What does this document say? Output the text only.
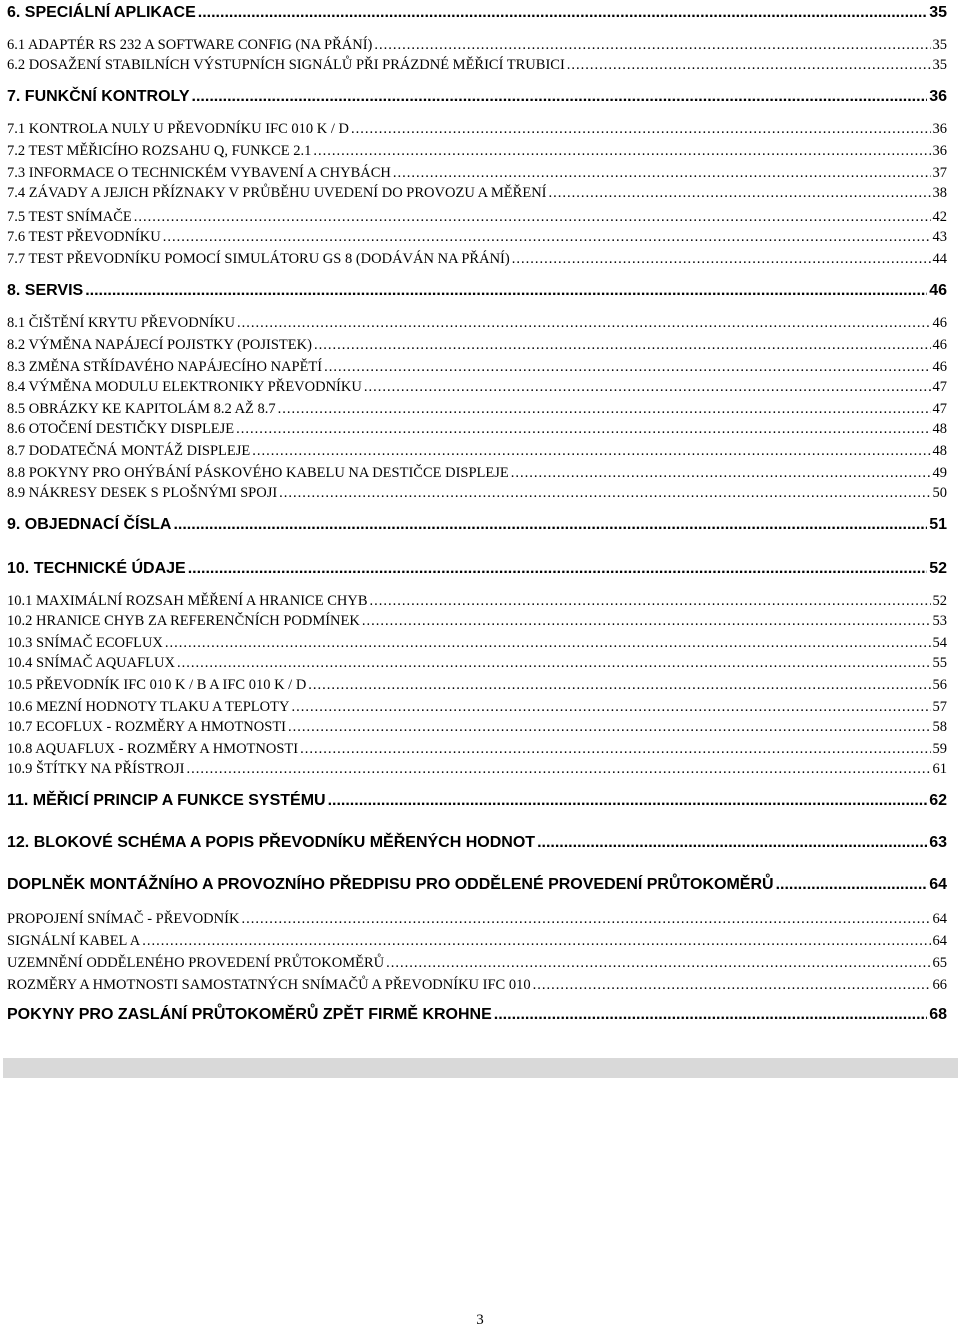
6. SPECIÁLNÍ APLIKACE .....	35
6.1 ADAPTÉR RS 232 A SOFTWARE CONFIG (NA PŘÁNÍ) .....	35
6.2 DOSAŽENÍ STABILNÍCH VÝSTUPNÍCH SIGNÁLŮ PŘI PRÁZDNÉ MĚŘICÍ TRUBICI .....	35
7. FUNKČNÍ KONTROLY .....	36
7.1 KONTROLA NULY U PŘEVODNÍKU IFC 010 K / D .....	36
7.2 TEST MĚŘICÍHO ROZSAHU Q, FUNKCE 2.1 .....	36
7.3 INFORMACE O TECHNICKÉM VYBAVENÍ A CHYBÁCH .....	37
7.4 ZÁVADY A JEJICH PŘÍZNAKY V PRŮBĚHU UVEDENÍ DO PROVOZU A MĚŘENÍ .....	38
7.5 TEST SNÍMAČE .....	42
7.6 TEST PŘEVODNÍKU .....	43
7.7 TEST PŘEVODNÍKU POMOCÍ SIMULÁTORU GS 8 (DODÁVÁN NA PŘÁNÍ) .....	44
8. SERVIS .....	46
8.1 ČIŠTĚNÍ KRYTU PŘEVODNÍKU .....	46
8.2 VÝMĚNA NAPÁJECÍ POJISTKY (POJISTEK) .....	46
8.3 ZMĚNA STŘÍDAVÉHO NAPÁJECÍHO NAPĚTÍ .....	46
8.4 VÝMĚNA MODULU ELEKTRONIKY PŘEVODNÍKU .....	47
8.5 OBRÁZKY KE KAPITOLÁM 8.2 AŽ 8.7 .....	47
8.6 OTOČENÍ DESTIČKY DISPLEJE .....	48
8.7 DODATEČNÁ MONTÁŽ DISPLEJE .....	48
8.8 POKYNY PRO OHÝBÁNÍ PÁSKOVÉHO KABELU NA DESTIČCE DISPLEJE .....	49
8.9 NÁKRESY DESEK S PLOŠNÝMI SPOJI .....	50
9. OBJEDNACÍ ČÍSLA .....	51
10. TECHNICKÉ ÚDAJE .....	52
10.1 MAXIMÁLNÍ ROZSAH MĚŘENÍ A HRANICE CHYB .....	52
10.2 HRANICE CHYB ZA REFERENČNÍCH PODMÍNEK .....	53
10.3 SNÍMAČ ECOFLUX .....	54
10.4 SNÍMAČ AQUAFLUX .....	55
10.5 PŘEVODNÍK IFC 010 K / B A IFC 010 K / D .....	56
10.6 MEZNÍ HODNOTY TLAKU A TEPLOTY .....	57
10.7 ECOFLUX - ROZMĚRY A HMOTNOSTI .....	58
10.8 AQUAFLUX - ROZMĚRY A HMOTNOSTI .....	59
10.9 ŠTÍTKY NA PŘÍSTROJI .....	61
11. MĚŘICÍ PRINCIP A FUNKCE SYSTÉMU .....	62
12. BLOKOVÉ SCHÉMA A POPIS PŘEVODNÍKU MĚŘENÝCH HODNOT .....	63
DOPLNĚK MONTÁŽNÍHO A PROVOZNÍHO PŘEDPISU PRO ODDĚLENÉ PROVEDENÍ PRŮTOKOMĚRŮ .....	64
PROPOJENÍ SNÍMAČ - PŘEVODNÍK .....	64
SIGNÁLNÍ KABEL A .....	64
UZEMNĚNÍ ODDĚLENÉHO PROVEDENÍ PRŮTOKOMĚRŮ .....	65
ROZMĚRY A HMOTNOSTI SAMOSTATNÝCH SNÍMAČŮ A PŘEVODNÍKU IFC 010 .....	66
POKYNY PRO ZASLÁNÍ PRŮTOKOMĚRŮ ZPĚT FIRMĚ KROHNE .....	68
3
